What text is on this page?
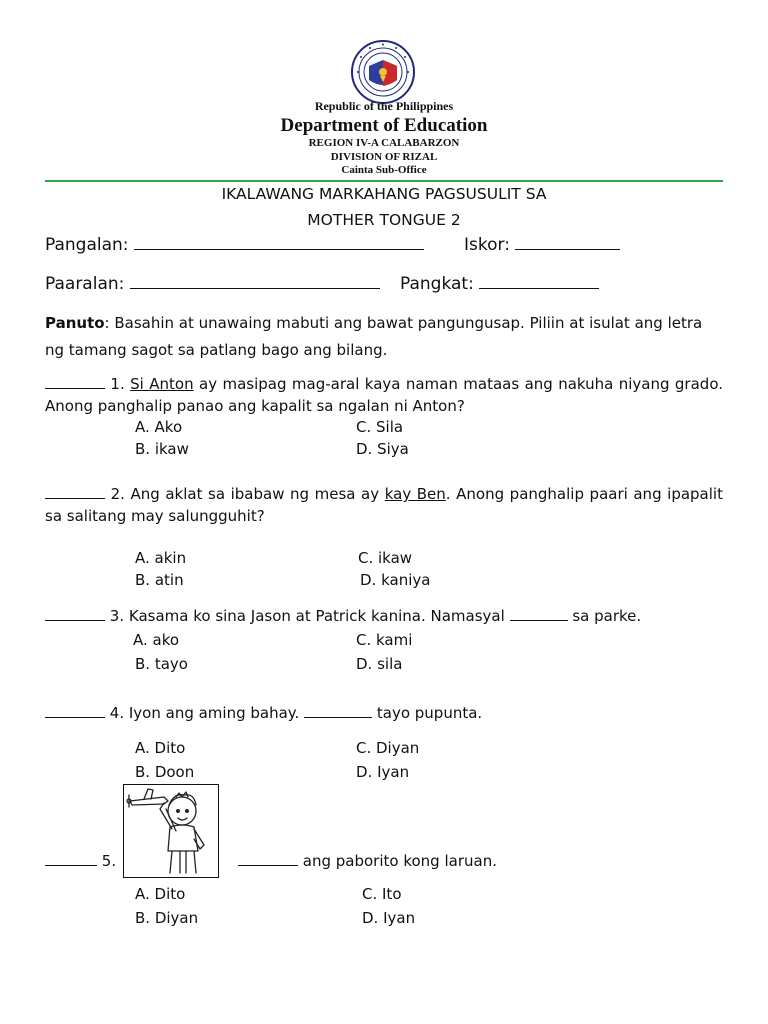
Republic of the Philippines
Department of Education
REGION IV-A CALABARZON
DIVISION OF RIZAL
Cainta Sub-Office
IKALAWANG MARKAHANG PAGSUSULIT SA
MOTHER TONGUE 2
Pangalan:	Iskor:
Paaralan:	Pangkat:
Panuto: Basahin at unawaing mabuti ang bawat pangungusap. Piliin at isulat ang letra ng tamang sagot sa patlang bago ang bilang.
1. Si Anton ay masipag mag-aral kaya naman mataas ang nakuha niyang grado. Anong panghalip panao ang kapalit sa ngalan ni Anton?
A. Ako	C. Sila
B. ikaw	D. Siya
2. Ang aklat sa ibabaw ng mesa ay kay Ben. Anong panghalip paari ang ipapalit sa salitang may salungguhit?
A. akin	C. ikaw
B. atin	D. kaniya
3. Kasama ko sina Jason at Patrick kanina. Namasyal	sa parke.
A. ako	C. kami
B. tayo	D. sila
4. Iyon ang aming bahay.	tayo pupunta.
A. Dito	C. Diyan
B. Doon	D. Iyan
5.	ang paborito kong laruan.
A. Dito	C. Ito
B. Diyan	D. Iyan
